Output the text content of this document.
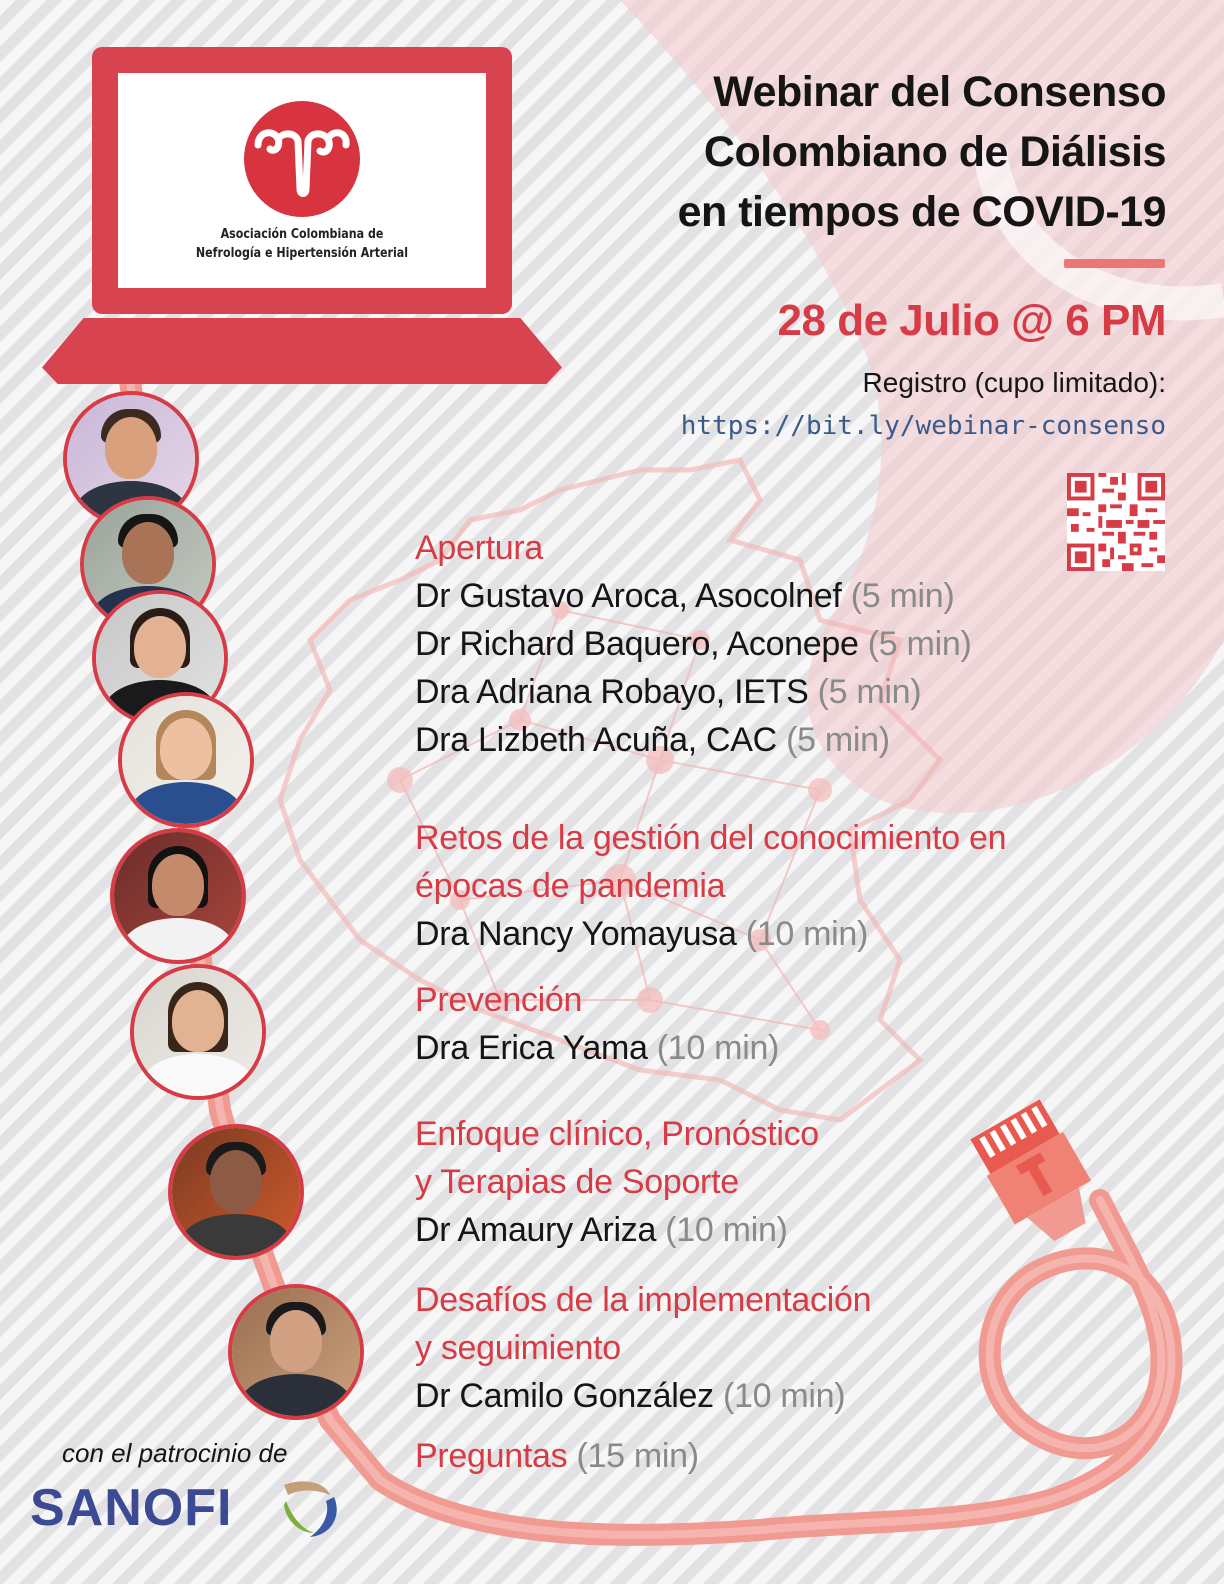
Asociación Colombiana de
Nefrología e Hipertensión Arterial
Webinar del Consenso
Colombiano de Diálisis
en tiempos de COVID-19
28 de Julio @ 6 PM
Registro (cupo limitado):
https://bit.ly/webinar-consenso
Apertura
Dr Gustavo Aroca, Asocolnef (5 min)
Dr Richard Baquero, Aconepe (5 min)
Dra Adriana Robayo, IETS (5 min)
Dra Lizbeth Acuña, CAC (5 min)
Retos de la gestión del conocimiento en
épocas de pandemia
Dra Nancy Yomayusa (10 min)
Prevención
Dra Erica Yama (10 min)
Enfoque clínico, Pronóstico
y Terapias de Soporte
Dr Amaury Ariza (10 min)
Desafíos de la implementación
y seguimiento
Dr Camilo González (10 min)
Preguntas (15 min)
con el patrocinio de
SANOFI
